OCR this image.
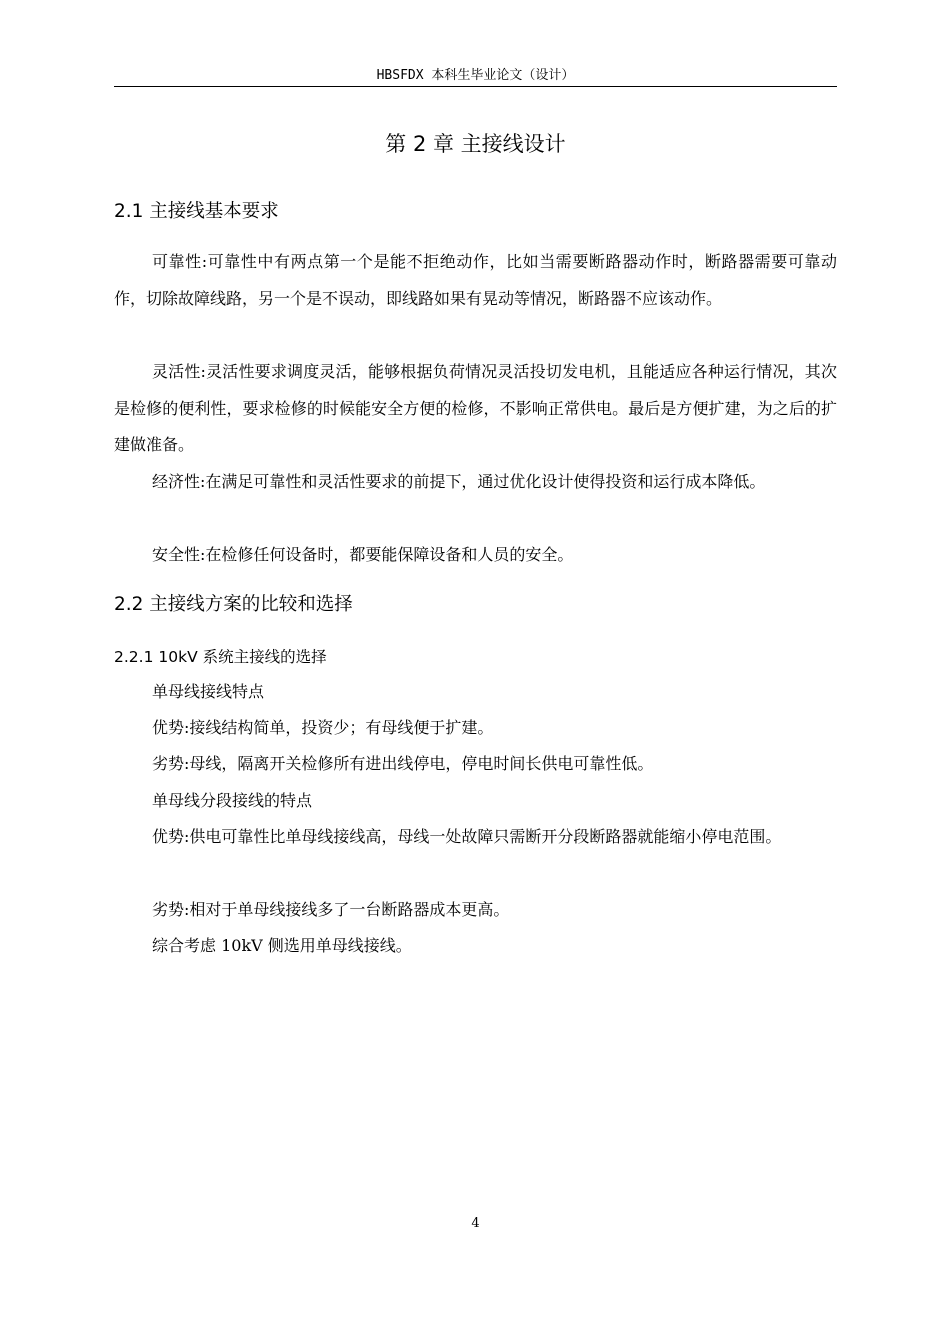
HBSFDX 本科生毕业论文（设计）
第 2 章 主接线设计
2.1 主接线基本要求
可靠性:可靠性中有两点第一个是能不拒绝动作，比如当需要断路器动作时，断路器需要可靠动作，切除故障线路，另一个是不误动，即线路如果有晃动等情况，断路器不应该动作。
灵活性:灵活性要求调度灵活，能够根据负荷情况灵活投切发电机，且能适应各种运行情况，其次是检修的便利性，要求检修的时候能安全方便的检修，不影响正常供电。最后是方便扩建，为之后的扩建做准备。
经济性:在满足可靠性和灵活性要求的前提下，通过优化设计使得投资和运行成本降低。
安全性:在检修任何设备时，都要能保障设备和人员的安全。
2.2 主接线方案的比较和选择
2.2.1 10kV 系统主接线的选择
单母线接线特点
优势:接线结构简单，投资少；有母线便于扩建。
劣势:母线，隔离开关检修所有进出线停电，停电时间长供电可靠性低。
单母线分段接线的特点
优势:供电可靠性比单母线接线高，母线一处故障只需断开分段断路器就能缩小停电范围。
劣势:相对于单母线接线多了一台断路器成本更高。
综合考虑 10kV 侧选用单母线接线。
4
